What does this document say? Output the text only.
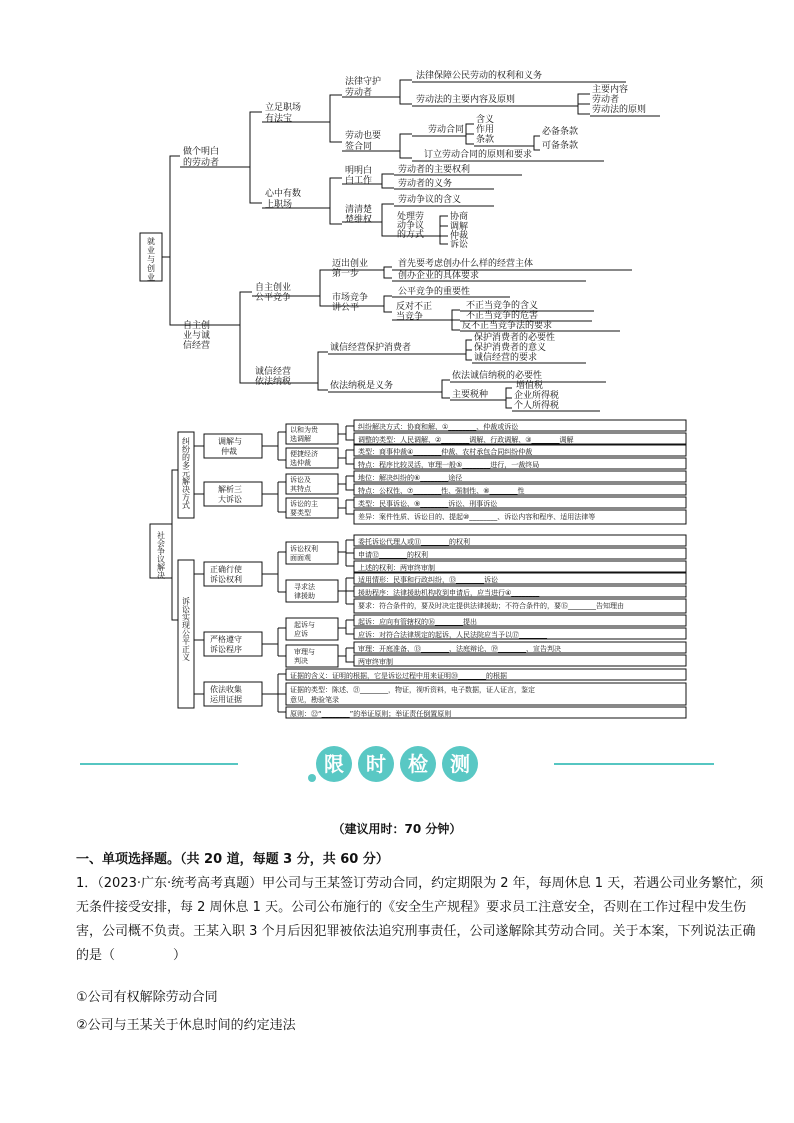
就业与创业
做个明白的劳动者
立足职场有法宝
法律守护劳动者
法律保障公民劳动的权利和义务
劳动法的主要内容及原则
主要内容
劳动者
劳动法的原则
劳动也要签合同
劳动合同
含义
作用
条款
必备条款
可备条款
订立劳动合同的原则和要求
心中有数上职场
明明白白工作
劳动者的主要权利
劳动者的义务
清清楚楚维权
劳动争议的含义
处理劳动争议的方式
协商
调解
仲裁
诉讼
自主创业与诚信经营
自主创业公平竞争
迈出创业第一步
首先要考虑创办什么样的经营主体
创办企业的具体要求
市场竞争讲公平
公平竞争的重要性
反对不正当竞争
不正当竞争的含义
不正当竞争的危害
反不正当竞争法的要求
诚信经营依法纳税
诚信经营保护消费者
保护消费者的必要性
保护消费者的意义
诚信经营的要求
依法纳税是义务
依法诚信纳税的必要性
主要税种
增值税
企业所得税
个人所得税
社会争议解决
纠纷的多元解决方式
调解与仲裁
以和为贵选调解
纠纷解决方式：协商和解、①________、仲裁或诉讼
调整的类型：人民调解、②________调解、行政调解、③________调解
便捷经济选仲裁
类型：商事仲裁④________仲裁、农村承包合同纠纷仲裁
特点：程序比较灵活，审理一般⑤________进行，一裁终局
解析三大诉讼
诉讼及其特点
地位：解决纠纷的⑥________途径
特点：公权性、⑦________性、强制性、⑧________性
诉讼的主要类型
类型：民事诉讼、⑨________诉讼、刑事诉讼
差异：案件性质、诉讼目的、提起⑩________、诉讼内容和程序、适用法律等
诉讼实现公平正义
正确行使诉讼权利
诉讼权利面面观
委托诉讼代理人或⑪________的权利
申请⑫________的权利
上述的权利：两审终审制
寻求法律援助
适用情形：民事和行政纠纷，⑬________诉讼
援助程序：法律援助机构收到申请后，应当进行④________
要求：符合条件的，要及时决定提供法律援助；不符合条件的，要⑮________告知理由
严格遵守诉讼程序
起诉与应诉
起诉：应向有管辖权的⑯________提出
应诉：对符合法律规定的起诉，人民法院应当予以⑰________
审理与判决
审理：开庭准备、⑬________、法庭辩论、⑲________、宣告判决
两审终审制
依法收集运用证据
证据的含义：证明的根据，它是诉讼过程中用来证明⑳________的根据
证据的类型：陈述、㉑________，物证，视听资料，电子数据，证人证言，鉴定
意见，勘验笔录
原则：㉒“________”的举证原则；举证责任倒置原则
限	时	检	测
（建议用时：70 分钟）
一、单项选择题。（共 20 道，每题 3 分，共 60 分）
1．（2023·广东·统考高考真题）甲公司与王某签订劳动合同，约定期限为 2 年，每周休息 1 天，若遇公司业务繁忙，须无条件接受安排，每 2 周休息 1 天。公司公布施行的《安全生产规程》要求员工注意安全，否则在工作过程中发生伤害，公司概不负责。王某入职 3 个月后因犯罪被依法追究刑事责任，公司遂解除其劳动合同。关于本案，下列说法正确的是（	）
①公司有权解除劳动合同
②公司与王某关于休息时间的约定违法
